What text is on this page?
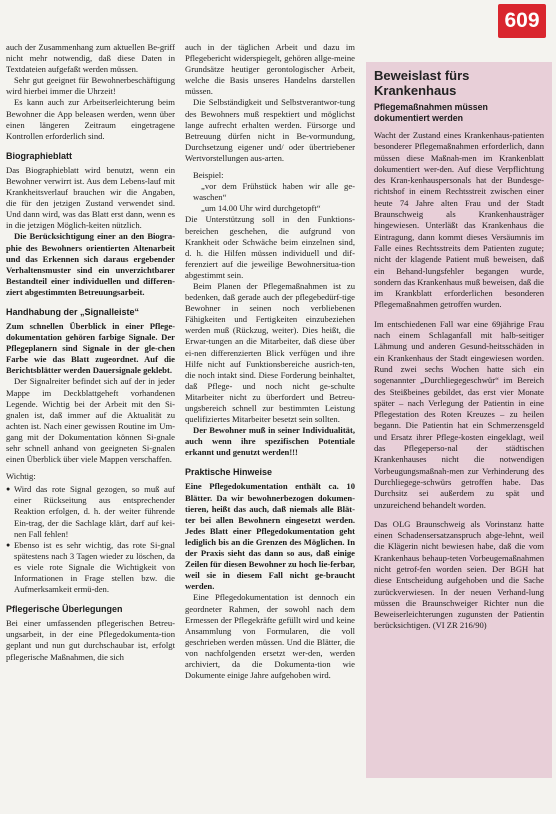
609

auch der Zusammenhang zum aktuellen Be-griff nicht mehr notwendig, daß diese Daten in Textdateien aufgefaßt werden müssen.

Sehr gut geeignet für Bewohnerbeschäftigung wird hierbei immer die Uhrzeit!

Es kann auch zur Arbeitserleichterung beim Bewohner die App beleasen werden, wenn über einen längeren Zeitraum eingetragene Kontrollen erforderlich sind.

Biographieblatt

Das Biographieblatt wird benutzt, wenn ein Bewohner verwirrt ist. Aus dem Lebens-lauf mit Krankheitsverlauf brauchen wir die Angaben, die für den jetzigen Zustand verwendet sind. Und dann wird, was das Blatt erst dann, wenn es in die jetzigen Möglich-keiten nützlich.

Die Berücksichtigung einer an den Biogra-phie des Bewohners orientierten Altenarbeit und das Erkennen sich daraus ergebender Verhaltensmuster sind ein unverzichtbarer Bestandteil einer individuellen und differen-ziert abgestimmten Betreuungsarbeit.

Handhabung der „Signalleiste“

Zum schnellen Überblick in einer Pflege-dokumentation gehören farbige Signale. Der Pflegeplanern sind Signale in der gle-chen Farbe wie das Blatt zugeordnet. Auf die Berichtsblätter werden Dauersignale geklebt.

Der Signalreiter befindet sich auf der in jeder Mappe im Deckblattgeheft vorhandenen Legende. Wichtig bei der Arbeit mit den Si-gnalen ist, daß immer auf die Aktualität zu achten ist. Nach einer gewissen Routine im Um-gang mit der Dokumentation können Si-gnale sehr schnell anhand von geeigneten Si-gnalen einen Überblick über viele Mappen verschaffen.

Wichtig:

● Wird das rote Signal gezogen, so muß auf einer Rückseitung aus entsprechender Reaktion erfolgen, d. h. der weiter führende Ein-trag, der die Sachlage klärt, darf auf kei-nen Fall fehlen!
● Ebenso ist es sehr wichtig, das rote Si-gnal spätestens nach 3 Tagen wieder zu löschen, da es viele rote Signale die Wichtigkeit von Informationen in Frage stellen bzw. die Aufmerksamkeit ermü-den.
Pflegerische Überlegungen

Bei einer umfassenden pflegerischen Betreu-ungsarbeit, in der eine Pflegedokumenta-tion geplant und nun gut durchschaubar ist, erfolgt pflegerische Maßnahmen, die sich

auch in der täglichen Arbeit und dazu im Pflegebericht widerspiegelt, gehören allge-meine Grundsätze heutiger gerontologischer Arbeit, welche die Basis unseres Handelns darstellen müssen.

Die Selbständigkeit und Selbstverantwor-tung des Bewohners muß respektiert und möglichst lange aufrecht erhalten werden. Fürsorge und Betreuung dürfen nicht in Be-vormundung, Durchsetzung eigener und/ oder übertriebener Wertvorstellungen aus-arten.

Beispiel:

„vor dem Frühstück haben wir alle ge-waschen“

„um 14.00 Uhr wird durchgetopft“

Die Unterstützung soll in den Funktions-bereichen geschehen, die aufgrund von Krankheit oder Schwäche beim einzelnen sind, d. h. die Hilfen müssen individuell und dif-ferenziert auf die jeweilige Bewohnersitua-tion abgestimmt sein.

Beim Planen der Pflegemaßnahmen ist zu bedenken, daß gerade auch der pflegebedürf-tige Bewohner in seinen noch verbliebenen Fähigkeiten und Fertigkeiten einzubeziehen werden muß (Rückzug, weiter). Dies heißt, die Erwar-tungen an die Mitarbeiter, daß diese über ei-nen differenzierten Blick verfügen und ihre Hilfe nicht auf Funktionsbereiche ausrich-ten, die noch intakt sind. Diese Forderung beinhaltet, daß Pflege- und noch nicht ge-schulte Mitarbeiter nicht zu überfordert und Betreu-ungsbereich schnell zur bestimmten Leistung quelifiziertes Mitarbeiter besetzt sein sollten.

Der Bewohner muß in seiner Individualität, auch wenn ihre spezifischen Potentiale erkannt und genutzt werden!!!

Praktische Hinweise

Eine Pflegedokumentation enthält ca. 10 Blätter. Da wir bewohnerbezogen dokumen-tieren, heißt das auch, daß niemals alle Blät-ter bei allen Bewohnern eingesetzt werden. Jedes Blatt einer Pflegedokumentation geht lediglich bis an die Grenzen des Möglichen. In der Praxis sieht das dann so aus, daß einige Zeilen für diesen Bewohner zu hoch lie-ferbar, weil sie in diesem Fall nicht ge-braucht werden.

Eine Pflegedokumentation ist dennoch ein geordneter Rahmen, der sowohl nach dem Ermessen der Pflegekräfte gefüllt wird und keine Ansammlung von Formularen, die voll geschrieben werden müssen. Und die Blätter, die von nachfolgenden ersetzt wer-den, werden archiviert, da die Dokumenta-tion wie Dokumente einige Jahre aufgehoben wird.

Beweislast fürs Krankenhaus
Pflegemaßnahmen müssen dokumentiert werden

Wacht der Zustand eines Krankenhaus-patienten besonderer Pflegemaßnahmen erforderlich, dann müssen diese Maßnah-men im Krankenblatt dokumentiert wer-den. Auf diese Verpflichtung des Kran-kenhauspersonals hat der Bundesge-richtshof in einem Rechtsstreit zwischen einer heute 74 Jahre alten Frau und der Stadt Braunschweig als Krankenhausträger hingewiesen. Unterläßt das Krankenhaus die Eintragung, dann kommt dieses Versäumnis im Falle eines Rechtsstreits dem Patienten zugute; nicht der klagende Patient muß beweisen, daß ein Behand-lungsfehler begangen wurde, sondern das Krankenhaus muß beweisen, daß die im Krankblatt erforderlichen besonderen Pflegemaßnahmen getroffen wurden.

Im entschiedenen Fall war eine 69jährige Frau nach einem Schlaganfall mit halb-seitiger Lähmung und anderen Gesund-heitsschäden in ein Krankenhaus der Stadt eingewiesen worden. Rund zwei sechs Wochen hatte sich ein sogenannter „Durchliegegeschwür“ im Bereich des Steißbeines gebildet, das erst vier Monate später – nach Verlegung der Patientin in eine Pflegestation des Roten Kreuzes – zu heilen begann. Die Patientin hat ein Schmerzensgeld und Ersatz ihrer Pflege-kosten eingeklagt, weil das Pflegeperso-nal der städtischen Krankenhauses nicht die notwendigen Vorbeugungsmaßnah-men zur Verhinderung des Durchliegege-schwürs getroffen habe. Das Durchsitz sei außerdem zu spät und unzureichend behandelt worden.

Das OLG Braunschweig als Vorinstanz hatte einen Schadensersatzanspruch abge-lehnt, weil die Klägerin nicht bewiesen habe, daß die vom Krankenhaus behaup-teten Vorbeugemaßnahmen nicht getrof-fen worden seien. Der BGH hat diese Entscheidung aufgehoben und die Sache zurückverwiesen. In der neuen Verhand-lung müssen die Braunschweiger Richter nun die Beweiserleichterungen zugunsten der Patientin berücksichtigen. (VI ZR 216/90)
